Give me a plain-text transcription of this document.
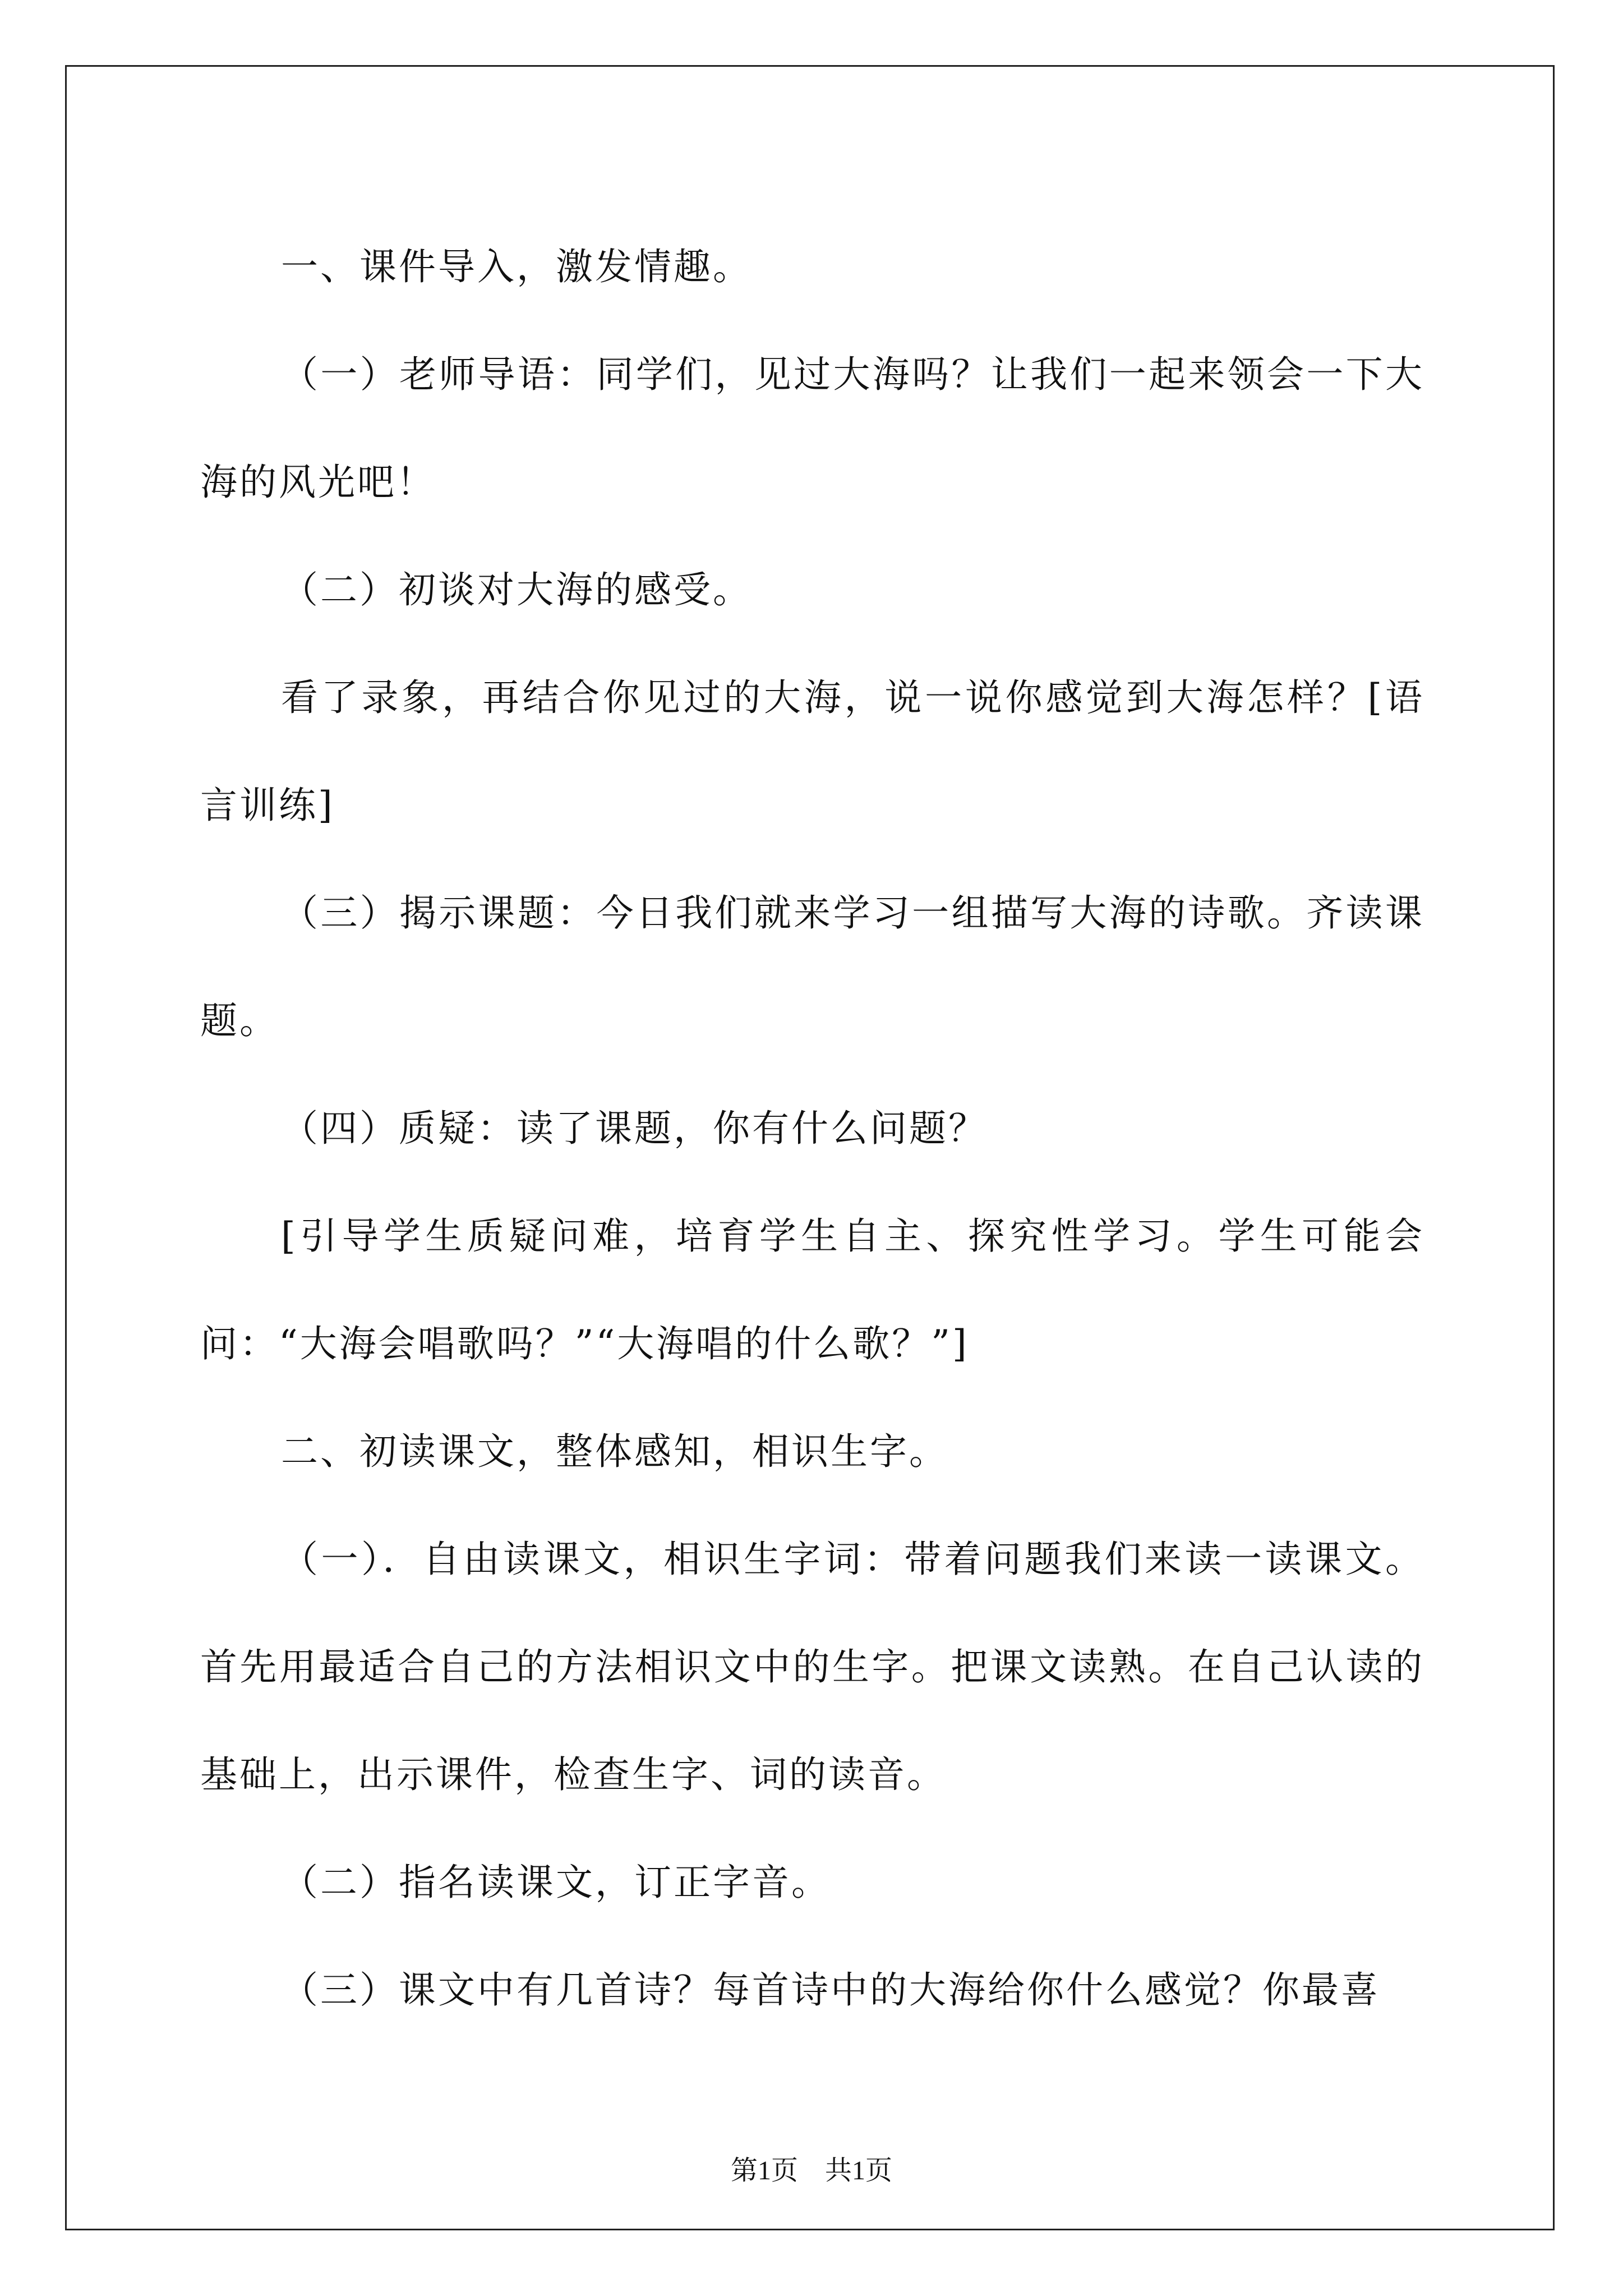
一、课件导入，激发情趣。

（一）老师导语：同学们，见过大海吗？让我们一起来领会一下大海的风光吧！

（二）初谈对大海的感受。

看了录象，再结合你见过的大海，说一说你感觉到大海怎样？[语言训练]

（三）揭示课题：今日我们就来学习一组描写大海的诗歌。齐读课题。

（四）质疑：读了课题，你有什么问题？

[引导学生质疑问难，培育学生自主、探究性学习。学生可能会问：“大海会唱歌吗？”“大海唱的什么歌？”]

二、初读课文，整体感知，相识生字。

（一）．自由读课文，相识生字词：带着问题我们来读一读课文。首先用最适合自己的方法相识文中的生字。把课文读熟。在自己认读的基础上，出示课件，检查生字、词的读音。

（二）指名读课文，订正字音。

（三）课文中有几首诗？每首诗中的大海给你什么感觉？你最喜

第1页　共1页
